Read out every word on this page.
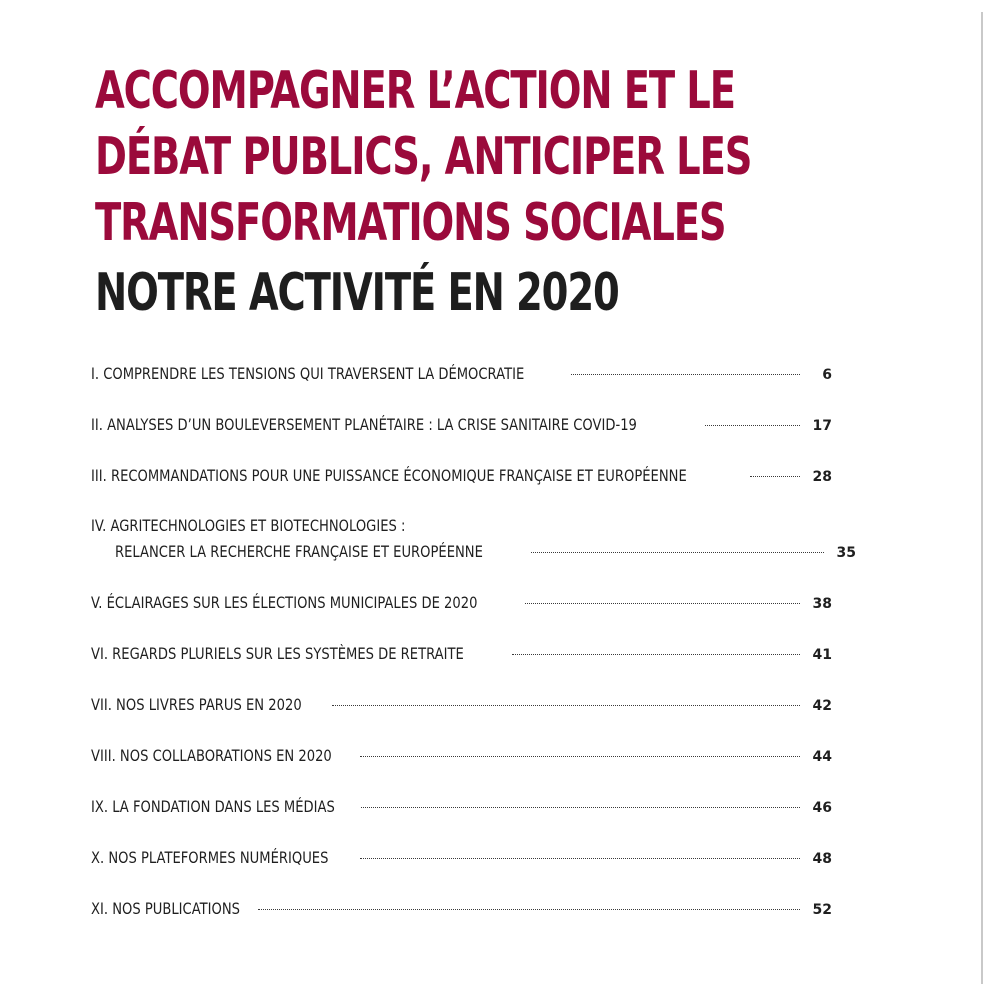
ACCOMPAGNER L’ACTION ET LE
DÉBAT PUBLICS, ANTICIPER LES
TRANSFORMATIONS SOCIALES
NOTRE ACTIVITÉ EN 2020
I. COMPRENDRE LES TENSIONS QUI TRAVERSENT LA DÉMOCRATIE	6
II. ANALYSES D’UN BOULEVERSEMENT PLANÉTAIRE : LA CRISE SANITAIRE COVID-19	17
III. RECOMMANDATIONS POUR UNE PUISSANCE ÉCONOMIQUE FRANÇAISE ET EUROPÉENNE	28
IV. AGRITECHNOLOGIES ET BIOTECHNOLOGIES :
RELANCER LA RECHERCHE FRANÇAISE ET EUROPÉENNE	35
V. ÉCLAIRAGES SUR LES ÉLECTIONS MUNICIPALES DE 2020	38
VI. REGARDS PLURIELS SUR LES SYSTÈMES DE RETRAITE	41
VII. NOS LIVRES PARUS EN 2020	42
VIII. NOS COLLABORATIONS EN 2020	44
IX. LA FONDATION DANS LES MÉDIAS	46
X. NOS PLATEFORMES NUMÉRIQUES	48
XI. NOS PUBLICATIONS	52
